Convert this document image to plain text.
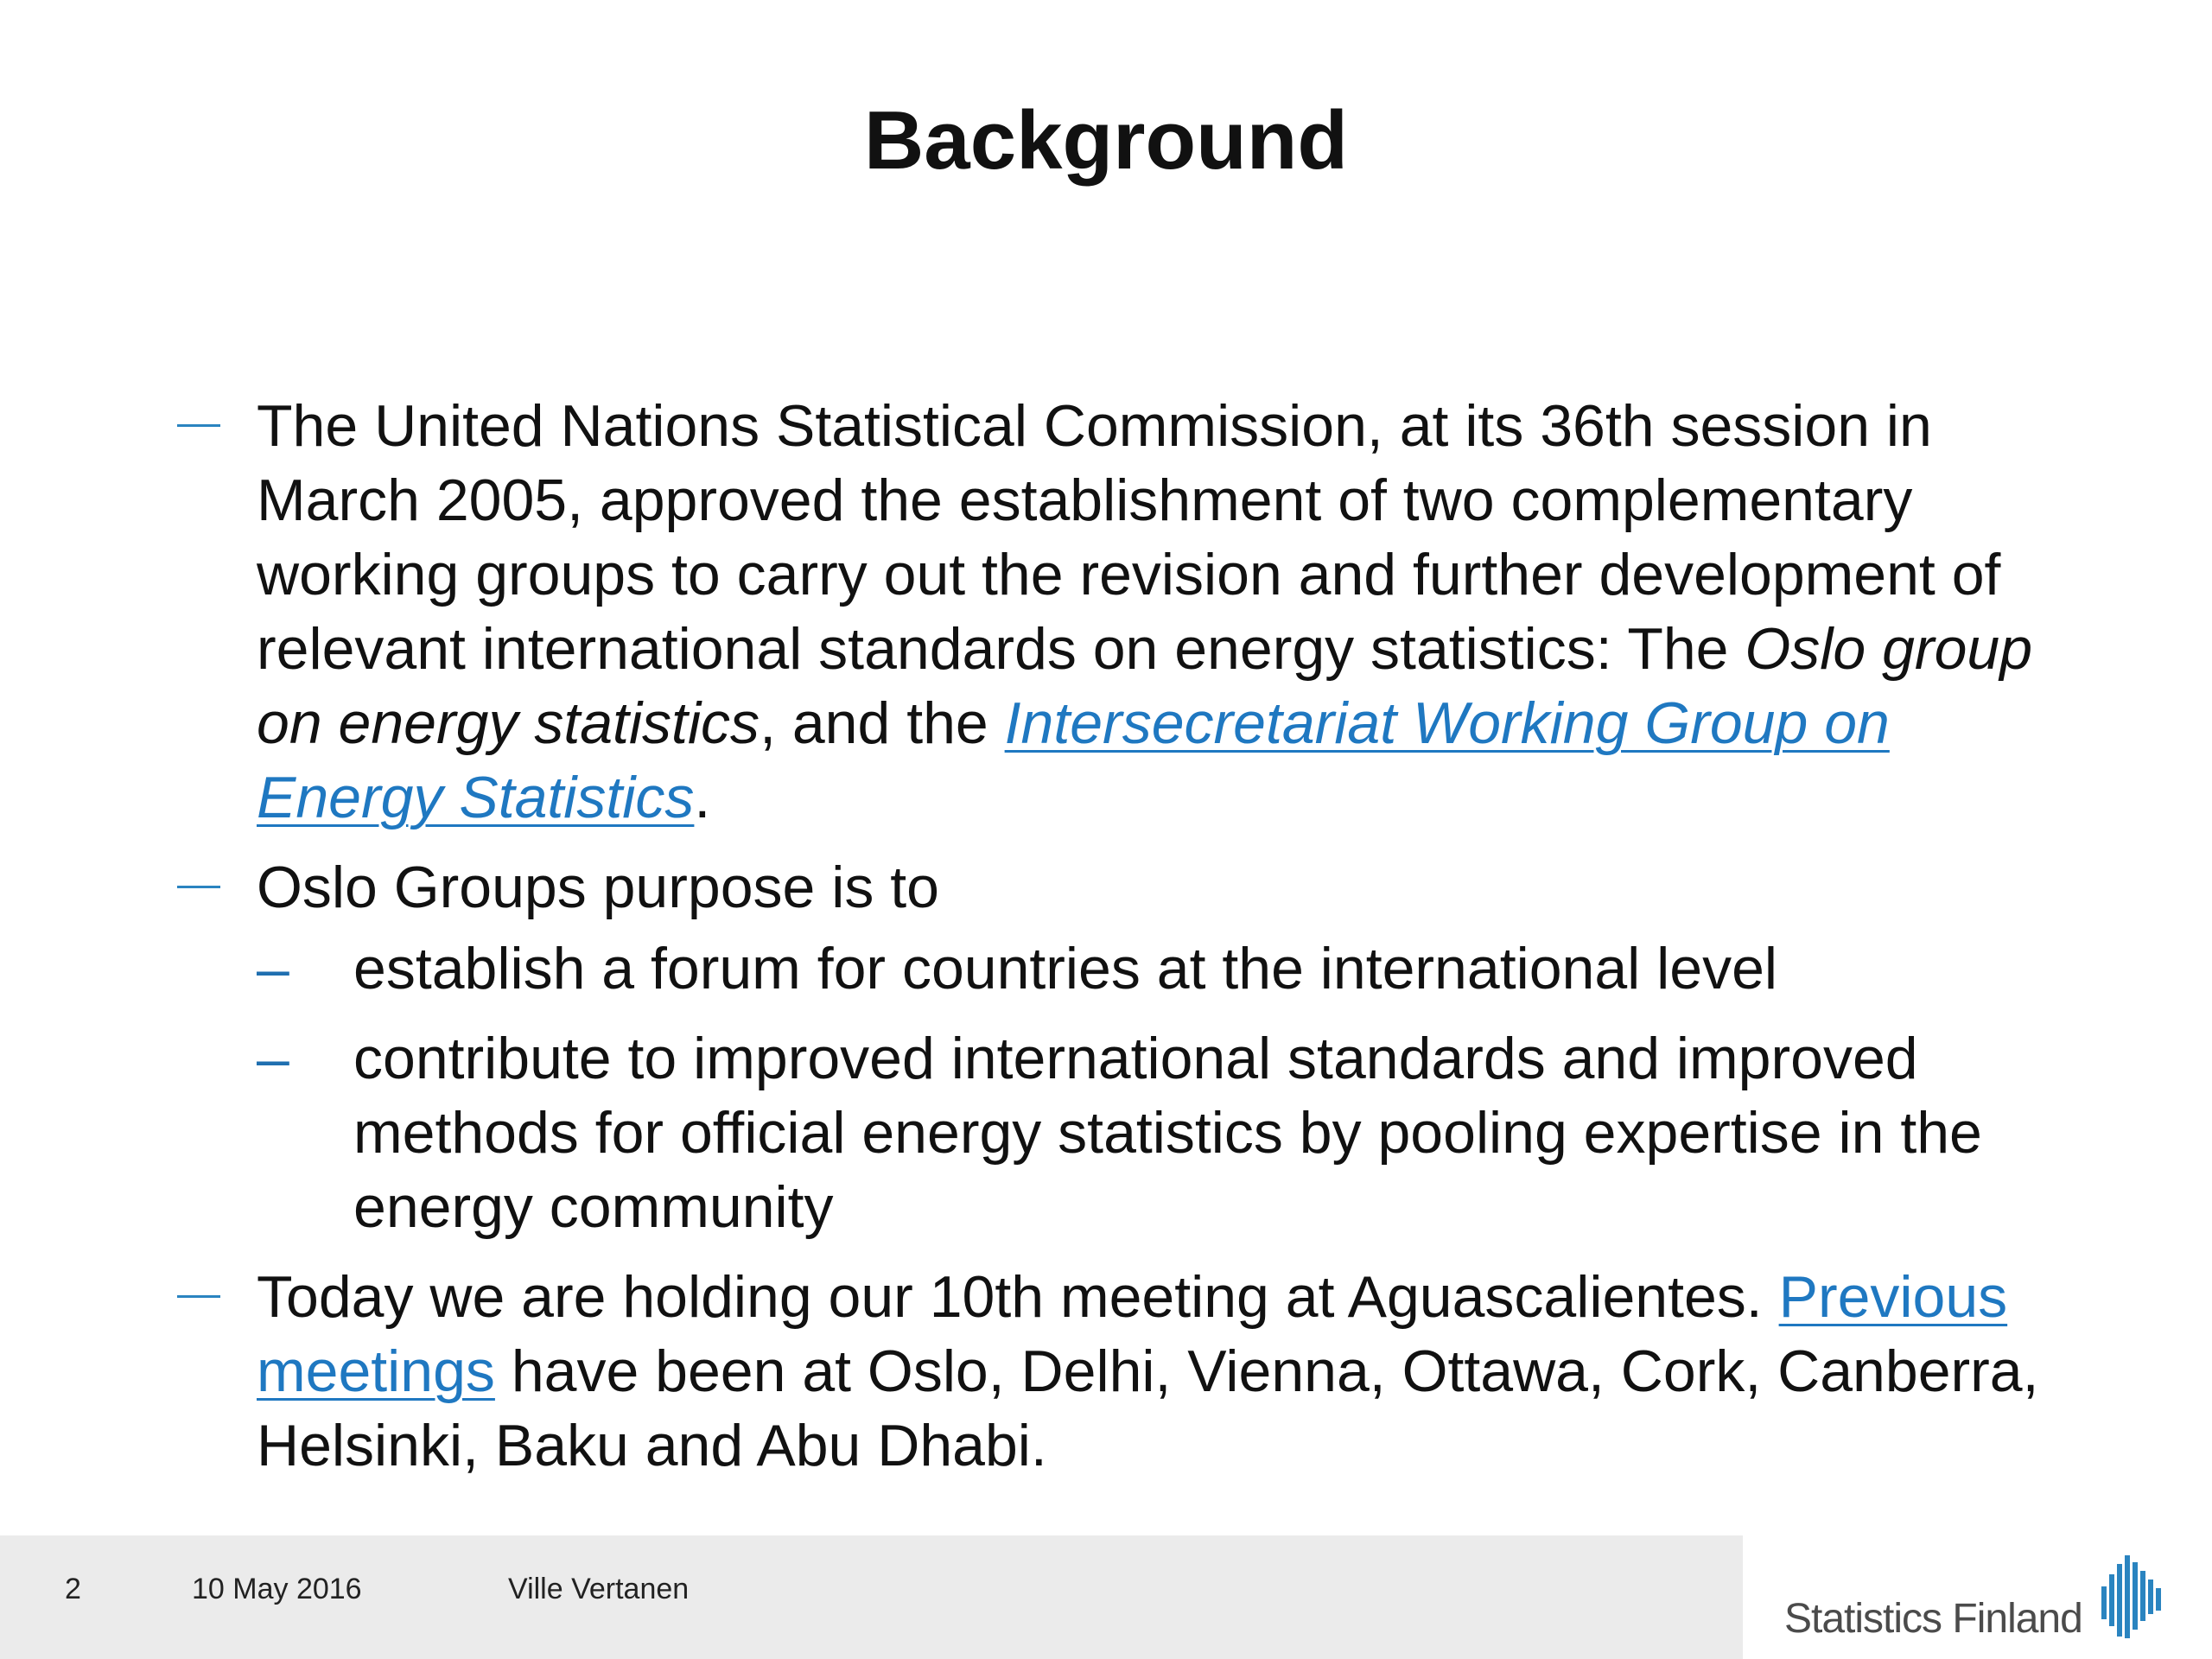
Background
The United Nations Statistical Commission, at its 36th session in March 2005, approved the establishment of two complementary working groups to carry out the revision and further development of relevant international standards on energy statistics: The Oslo group on energy statistics, and the Intersecretariat Working Group on Energy Statistics.
Oslo Groups purpose is to
–	establish a forum for countries at the international level
–	contribute to improved international standards and improved methods for official energy statistics by pooling expertise in the energy community
Today we are holding our 10th meeting at Aguascalientes. Previous meetings have been at Oslo, Delhi, Vienna, Ottawa, Cork, Canberra, Helsinki, Baku and Abu Dhabi.
2	10 May 2016	Ville Vertanen
Statistics Finland
